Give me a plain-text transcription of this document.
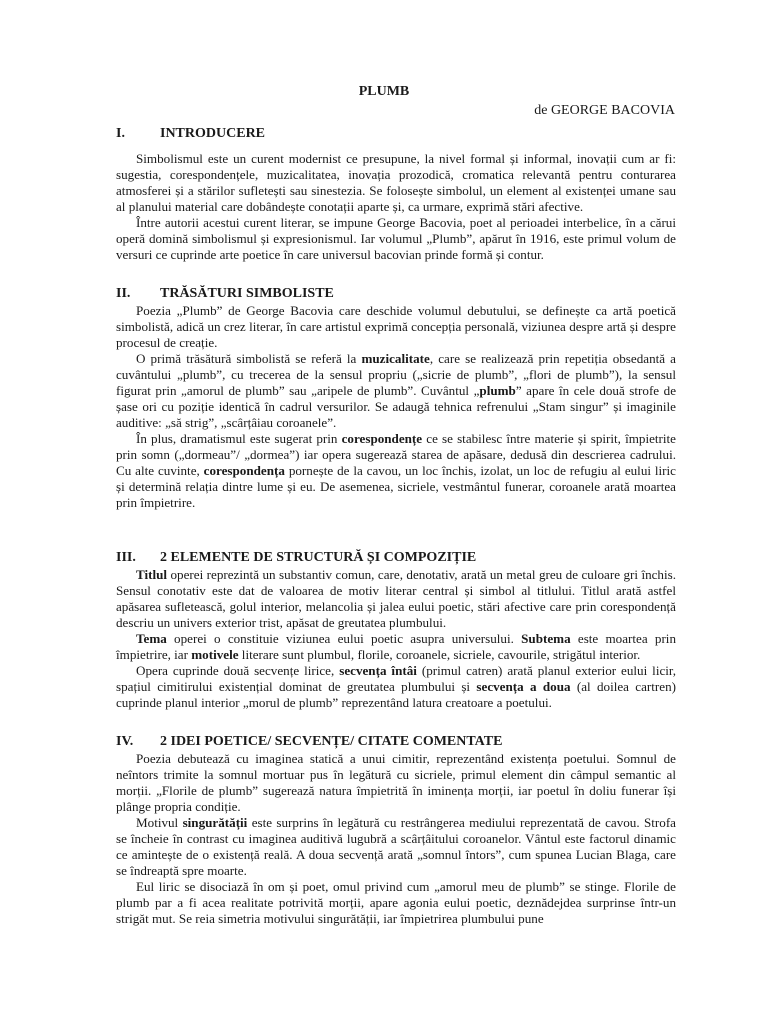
PLUMB
de GEORGE BACOVIA
I.	INTRODUCERE

Simbolismul este un curent modernist ce presupune, la nivel formal și informal, inovații cum ar fi: sugestia, corespondențele, muzicalitatea, inovația prozodică, cromatica relevantă pentru conturarea atmosferei și a stărilor sufletești sau sinestezia. Se folosește simbolul, un element al existenței umane sau al planului material care dobândește conotații aparte și, ca urmare, exprimă stări afective.

Între autorii acestui curent literar, se impune George Bacovia, poet al perioadei interbelice, în a cărui operă domină simbolismul și expresionismul. Iar volumul „Plumb”, apărut în 1916, este primul volum de versuri ce cuprinde arte poetice în care universul bacovian prinde formă și contur.

II.	TRĂSĂTURI SIMBOLISTE

Poezia „Plumb” de George Bacovia care deschide volumul debutului, se definește ca artă poetică simbolistă, adică un crez literar, în care artistul exprimă concepția personală, viziunea despre artă și despre procesul de creație.

O primă trăsătură simbolistă se referă la muzicalitate, care se realizează prin repetiția obsedantă a cuvântului „plumb”, cu trecerea de la sensul propriu („sicrie de plumb”, „flori de plumb”), la sensul figurat prin „amorul de plumb” sau „aripele de plumb”. Cuvântul „plumb” apare în cele două strofe de șase ori cu poziție identică în cadrul versurilor. Se adaugă tehnica refrenului „Stam singur” și imaginile auditive: „să strig”, „scârțâiau coroanele”.

În plus, dramatismul este sugerat prin corespondențe ce se stabilesc între materie și spirit, împietrite prin somn („dormeau”/ „dormea”) iar opera sugerează starea de apăsare, dedusă din descrierea cadrului. Cu alte cuvinte, corespondența pornește de la cavou, un loc închis, izolat, un loc de refugiu al eului liric și determină relația dintre lume și eu. De asemenea, sicriele, vestmântul funerar, coroanele arată moartea prin împietrire.

III.	2 ELEMENTE DE STRUCTURĂ ȘI COMPOZIȚIE

Titlul operei reprezintă un substantiv comun, care, denotativ, arată un metal greu de culoare gri închis. Sensul conotativ este dat de valoarea de motiv literar central și simbol al titlului. Titlul arată astfel apăsarea sufletească, golul interior, melancolia și jalea eului poetic, stări afective care prin corespondență descriu un univers exterior trist, apăsat de greutatea plumbului.

Tema operei o constituie viziunea eului poetic asupra universului. Subtema este moartea prin împietrire, iar motivele literare sunt plumbul, florile, coroanele, sicriele, cavourile, strigătul interior.

Opera cuprinde două secvențe lirice, secvența întâi (primul catren) arată planul exterior eului licir, spațiul cimitirului existențial dominat de greutatea plumbului și secvența a doua (al doilea cartren) cuprinde planul interior „morul de plumb” reprezentând latura creatoare a poetului.

IV.	2 IDEI POETICE/ SECVENȚE/ CITATE COMENTATE

Poezia debutează cu imaginea statică a unui cimitir, reprezentând existența poetului. Somnul de neîntors trimite la somnul mortuar pus în legătură cu sicriele, primul element din câmpul semantic al morții. „Florile de plumb” sugerează natura împietrită în iminența morții, iar poetul în doliu funerar își plânge propria condiție.

Motivul singurătății este surprins în legătură cu restrângerea mediului reprezentată de cavou. Strofa se încheie în contrast cu imaginea auditivă lugubră a scârțâitului coroanelor. Vântul este factorul dinamic ce amintește de o existență reală. A doua secvență arată „somnul întors”, cum spunea Lucian Blaga, care se îndreaptă spre moarte.

Eul liric se disociază în om și poet, omul privind cum „amorul meu de plumb” se stinge. Florile de plumb par a fi acea realitate potrivită morții, apare agonia eului poetic, deznădejdea surprinse într-un strigăt mut. Se reia simetria motivului singurătății, iar împietrirea plumbului pune
